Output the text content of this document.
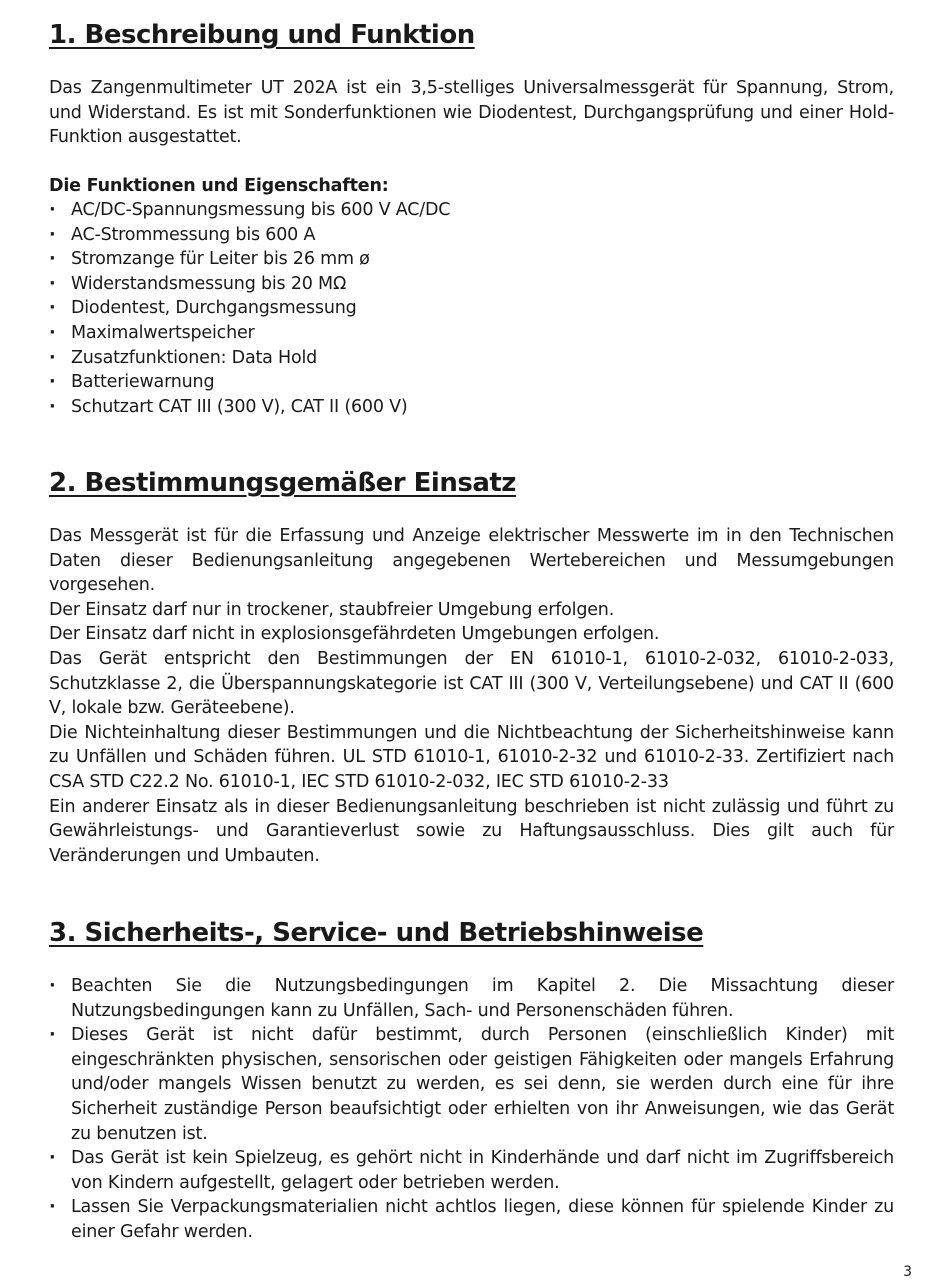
1. Beschreibung und Funktion

Das Zangenmultimeter UT 202A ist ein 3,5-stelliges Universalmessgerät für Spannung, Strom, und Widerstand. Es ist mit Sonderfunktionen wie Diodentest, Durchgangsprüfung und einer Hold-Funktion ausgestattet.

Die Funktionen und Eigenschaften:

· AC/DC-Spannungsmessung bis 600 V AC/DC
· AC-Strommessung bis 600 A
· Stromzange für Leiter bis 26 mm ø
· Widerstandsmessung bis 20 MΩ
· Diodentest, Durchgangsmessung
· Maximalwertspeicher
· Zusatzfunktionen: Data Hold
· Batteriewarnung
· Schutzart CAT III (300 V), CAT II (600 V)
2. Bestimmungsgemäßer Einsatz

Das Messgerät ist für die Erfassung und Anzeige elektrischer Messwerte im in den Technischen Daten dieser Bedienungsanleitung angegebenen Wertebereichen und Messumgebungen vorgesehen.

Der Einsatz darf nur in trockener, staubfreier Umgebung erfolgen.

Der Einsatz darf nicht in explosionsgefährdeten Umgebungen erfolgen.

Das Gerät entspricht den Bestimmungen der EN 61010-1, 61010-2-032, 61010-2-033, Schutzklasse 2, die Überspannungskategorie ist CAT III (300 V, Verteilungsebene) und CAT II (600 V, lokale bzw. Geräteebene).

Die Nichteinhaltung dieser Bestimmungen und die Nichtbeachtung der Sicherheitshinweise kann zu Unfällen und Schäden führen. UL STD 61010-1, 61010-2-32 und 61010-2-33. Zertifiziert nach CSA STD C22.2 No. 61010-1, IEC STD 61010-2-032, IEC STD 61010-2-33

Ein anderer Einsatz als in dieser Bedienungsanleitung beschrieben ist nicht zulässig und führt zu Gewährleistungs- und Garantieverlust sowie zu Haftungsausschluss. Dies gilt auch für Veränderungen und Umbauten.

3. Sicherheits-, Service- und Betriebshinweise
· Beachten Sie die Nutzungsbedingungen im Kapitel 2. Die Missachtung dieser Nutzungsbedingungen kann zu Unfällen, Sach- und Personenschäden führen.
· Dieses Gerät ist nicht dafür bestimmt, durch Personen (einschließlich Kinder) mit eingeschränkten physischen, sensorischen oder geistigen Fähigkeiten oder mangels Erfahrung und/oder mangels Wissen benutzt zu werden, es sei denn, sie werden durch eine für ihre Sicherheit zuständige Person beaufsichtigt oder erhielten von ihr Anweisungen, wie das Gerät zu benutzen ist.
· Das Gerät ist kein Spielzeug, es gehört nicht in Kinderhände und darf nicht im Zugriffsbereich von Kindern aufgestellt, gelagert oder betrieben werden.
· Lassen Sie Verpackungsmaterialien nicht achtlos liegen, diese können für spielende Kinder zu einer Gefahr werden.
3
